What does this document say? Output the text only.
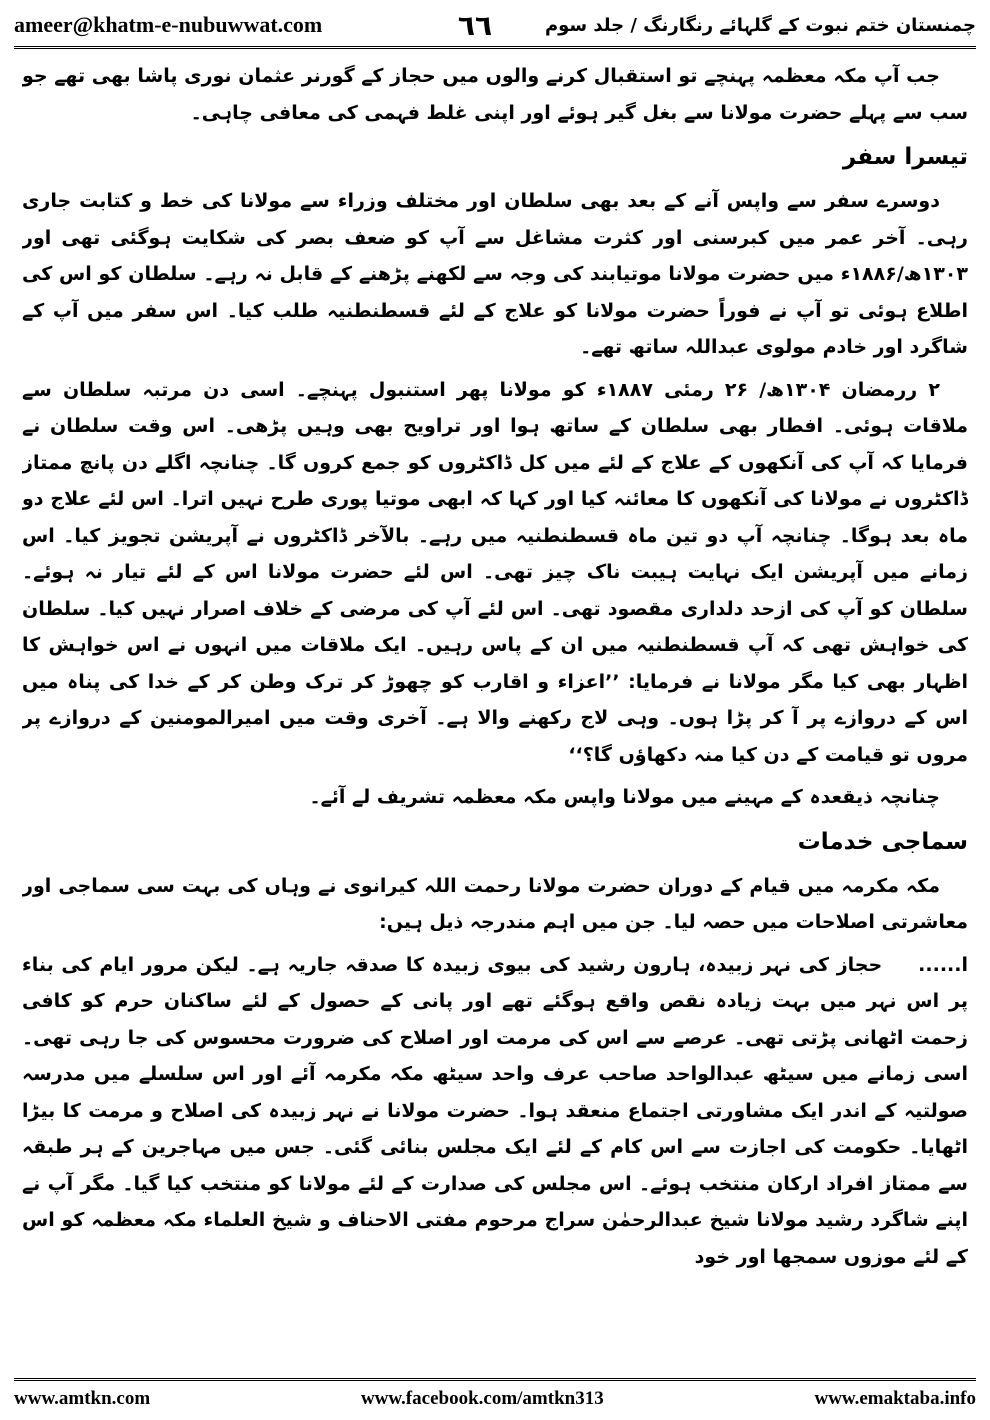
ameer@khatm-e-nubuwwat.com	٦٦	چمنستان ختم نبوت کے گلہائے رنگارنگ / جلد سوم

جب آپ مکہ معظمہ پہنچے تو استقبال کرنے والوں میں حجاز کے گورنر عثمان نوری پاشا بھی تھے جو سب سے پہلے حضرت مولانا سے بغل گیر ہوئے اور اپنی غلط فہمی کی معافی چاہی۔

تیسرا سفر

دوسرے سفر سے واپس آنے کے بعد بھی سلطان اور مختلف وزراء سے مولانا کی خط و کتابت جاری رہی۔ آخر عمر میں کبرسنی اور کثرت مشاغل سے آپ کو ضعف بصر کی شکایت ہوگئی تھی اور ۱۳۰۳ھ/۱۸۸۶ء میں حضرت مولانا موتیابند کی وجہ سے لکھنے پڑھنے کے قابل نہ رہے۔ سلطان کو اس کی اطلاع ہوئی تو آپ نے فوراً حضرت مولانا کو علاج کے لئے قسطنطنیہ طلب کیا۔ اس سفر میں آپ کے شاگرد اور خادم مولوی عبداللہ ساتھ تھے۔

۲ ررمضان ۱۳۰۴ھ/ ۲۶ رمئی ۱۸۸۷ء کو مولانا پھر استنبول پہنچے۔ اسی دن مرتبہ سلطان سے ملاقات ہوئی۔ افطار بھی سلطان کے ساتھ ہوا اور تراویح بھی وہیں پڑھی۔ اس وقت سلطان نے فرمایا کہ آپ کی آنکھوں کے علاج کے لئے میں کل ڈاکٹروں کو جمع کروں گا۔ چنانچہ اگلے دن پانچ ممتاز ڈاکٹروں نے مولانا کی آنکھوں کا معائنہ کیا اور کہا کہ ابھی موتیا پوری طرح نہیں اترا۔ اس لئے علاج دو ماہ بعد ہوگا۔ چنانچہ آپ دو تین ماہ قسطنطنیہ میں رہے۔ بالآخر ڈاکٹروں نے آپریشن تجویز کیا۔ اس زمانے میں آپریشن ایک نہایت ہیبت ناک چیز تھی۔ اس لئے حضرت مولانا اس کے لئے تیار نہ ہوئے۔ سلطان کو آپ کی ازحد دلداری مقصود تھی۔ اس لئے آپ کی مرضی کے خلاف اصرار نہیں کیا۔ سلطان کی خواہش تھی کہ آپ قسطنطنیہ میں ان کے پاس رہیں۔ ایک ملاقات میں انہوں نے اس خواہش کا اظہار بھی کیا مگر مولانا نے فرمایا: ’’اعزاء و اقارب کو چھوڑ کر ترک وطن کر کے خدا کی پناہ میں اس کے دروازے پر آ کر پڑا ہوں۔ وہی لاج رکھنے والا ہے۔ آخری وقت میں امیرالمومنین کے دروازے پر مروں تو قیامت کے دن کیا منہ دکھاؤں گا؟‘‘

چنانچہ ذیقعدہ کے مہینے میں مولانا واپس مکہ معظمہ تشریف لے آئے۔

سماجی خدمات

مکہ مکرمہ میں قیام کے دوران حضرت مولانا رحمت اللہ کیرانوی نے وہاں کی بہت سی سماجی اور معاشرتی اصلاحات میں حصہ لیا۔ جن میں اہم مندرجہ ذیل ہیں:

ا......حجاز کی نہر زبیدہ، ہارون رشید کی بیوی زبیدہ کا صدقہ جاریہ ہے۔ لیکن مرور ایام کی بناء پر اس نہر میں بہت زیادہ نقص واقع ہوگئے تھے اور پانی کے حصول کے لئے ساکنان حرم کو کافی زحمت اٹھانی پڑتی تھی۔ عرصے سے اس کی مرمت اور اصلاح کی ضرورت محسوس کی جا رہی تھی۔ اسی زمانے میں سیٹھ عبدالواحد صاحب عرف واحد سیٹھ مکہ مکرمہ آئے اور اس سلسلے میں مدرسہ صولتیہ کے اندر ایک مشاورتی اجتماع منعقد ہوا۔ حضرت مولانا نے نہر زبیدہ کی اصلاح و مرمت کا بیڑا اٹھایا۔ حکومت کی اجازت سے اس کام کے لئے ایک مجلس بنائی گئی۔ جس میں مہاجرین کے ہر طبقہ سے ممتاز افراد ارکان منتخب ہوئے۔ اس مجلس کی صدارت کے لئے مولانا کو منتخب کیا گیا۔ مگر آپ نے اپنے شاگرد رشید مولانا شیخ عبدالرحمٰن سراج مرحوم مفتی الاحناف و شیخ العلماء مکہ معظمہ کو اس کے لئے موزوں سمجھا اور خود

www.amtkn.com	www.facebook.com/amtkn313	www.emaktaba.info
